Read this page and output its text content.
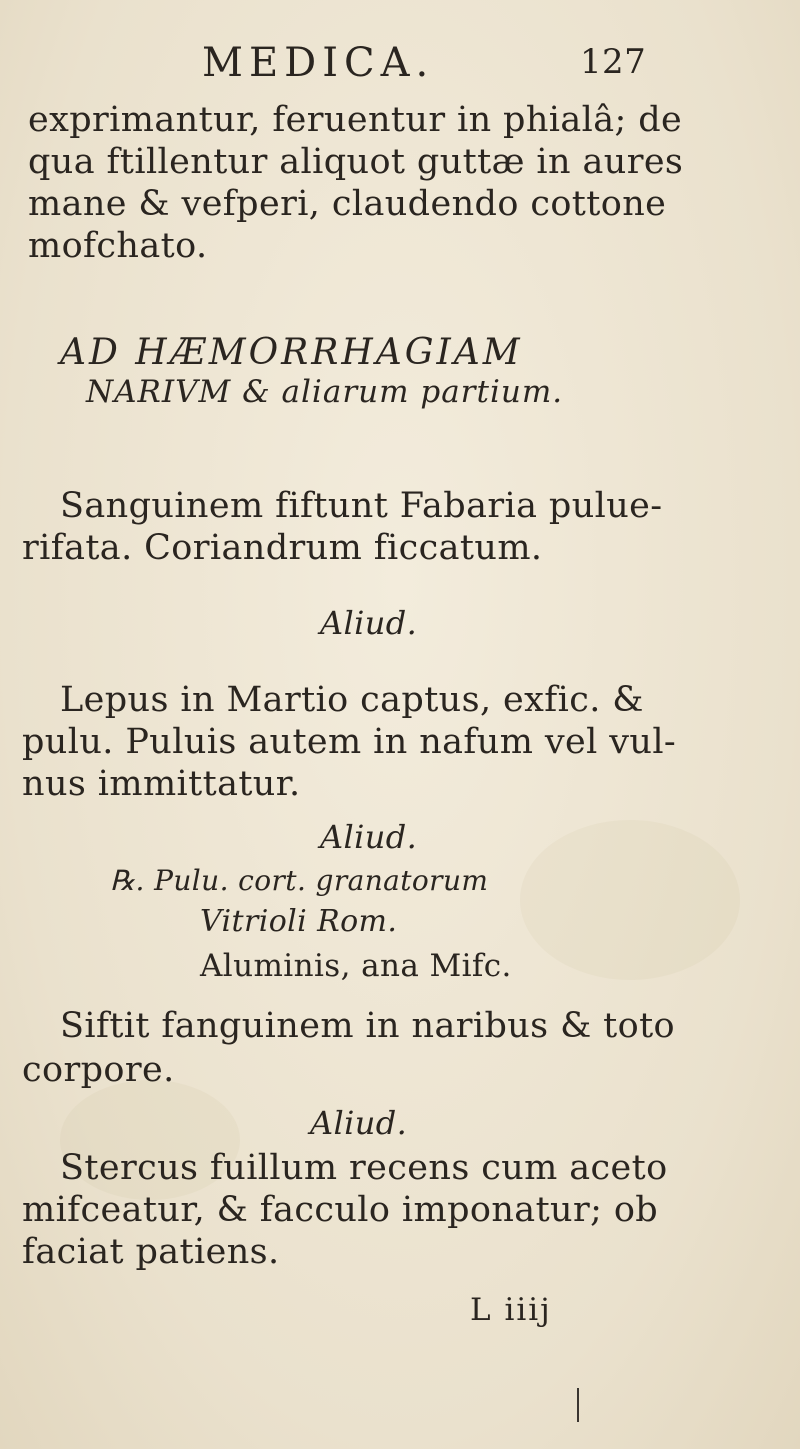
MEDICA.	127
exprimantur, feruentur in phialâ; de
qua ftillentur aliquot guttæ in aures
mane & vefperi, claudendo cottone
mofchato.
AD HÆMORRHAGIAM
NARIVM & aliarum partium.
Sanguinem fiftunt Fabaria pulue-
rifata. Coriandrum ficcatum.
Aliud.
Lepus in Martio captus, exfic. &
pulu. Puluis autem in nafum vel vul-
nus immittatur.
Aliud.
℞. Pulu. cort. granatorum
Vitrioli Rom.
Aluminis, ana Mifc.
Siftit fanguinem in naribus & toto
corpore.
Aliud.
Stercus fuillum recens cum aceto
mifceatur, & facculo imponatur; ob
faciat patiens.
L iiij
